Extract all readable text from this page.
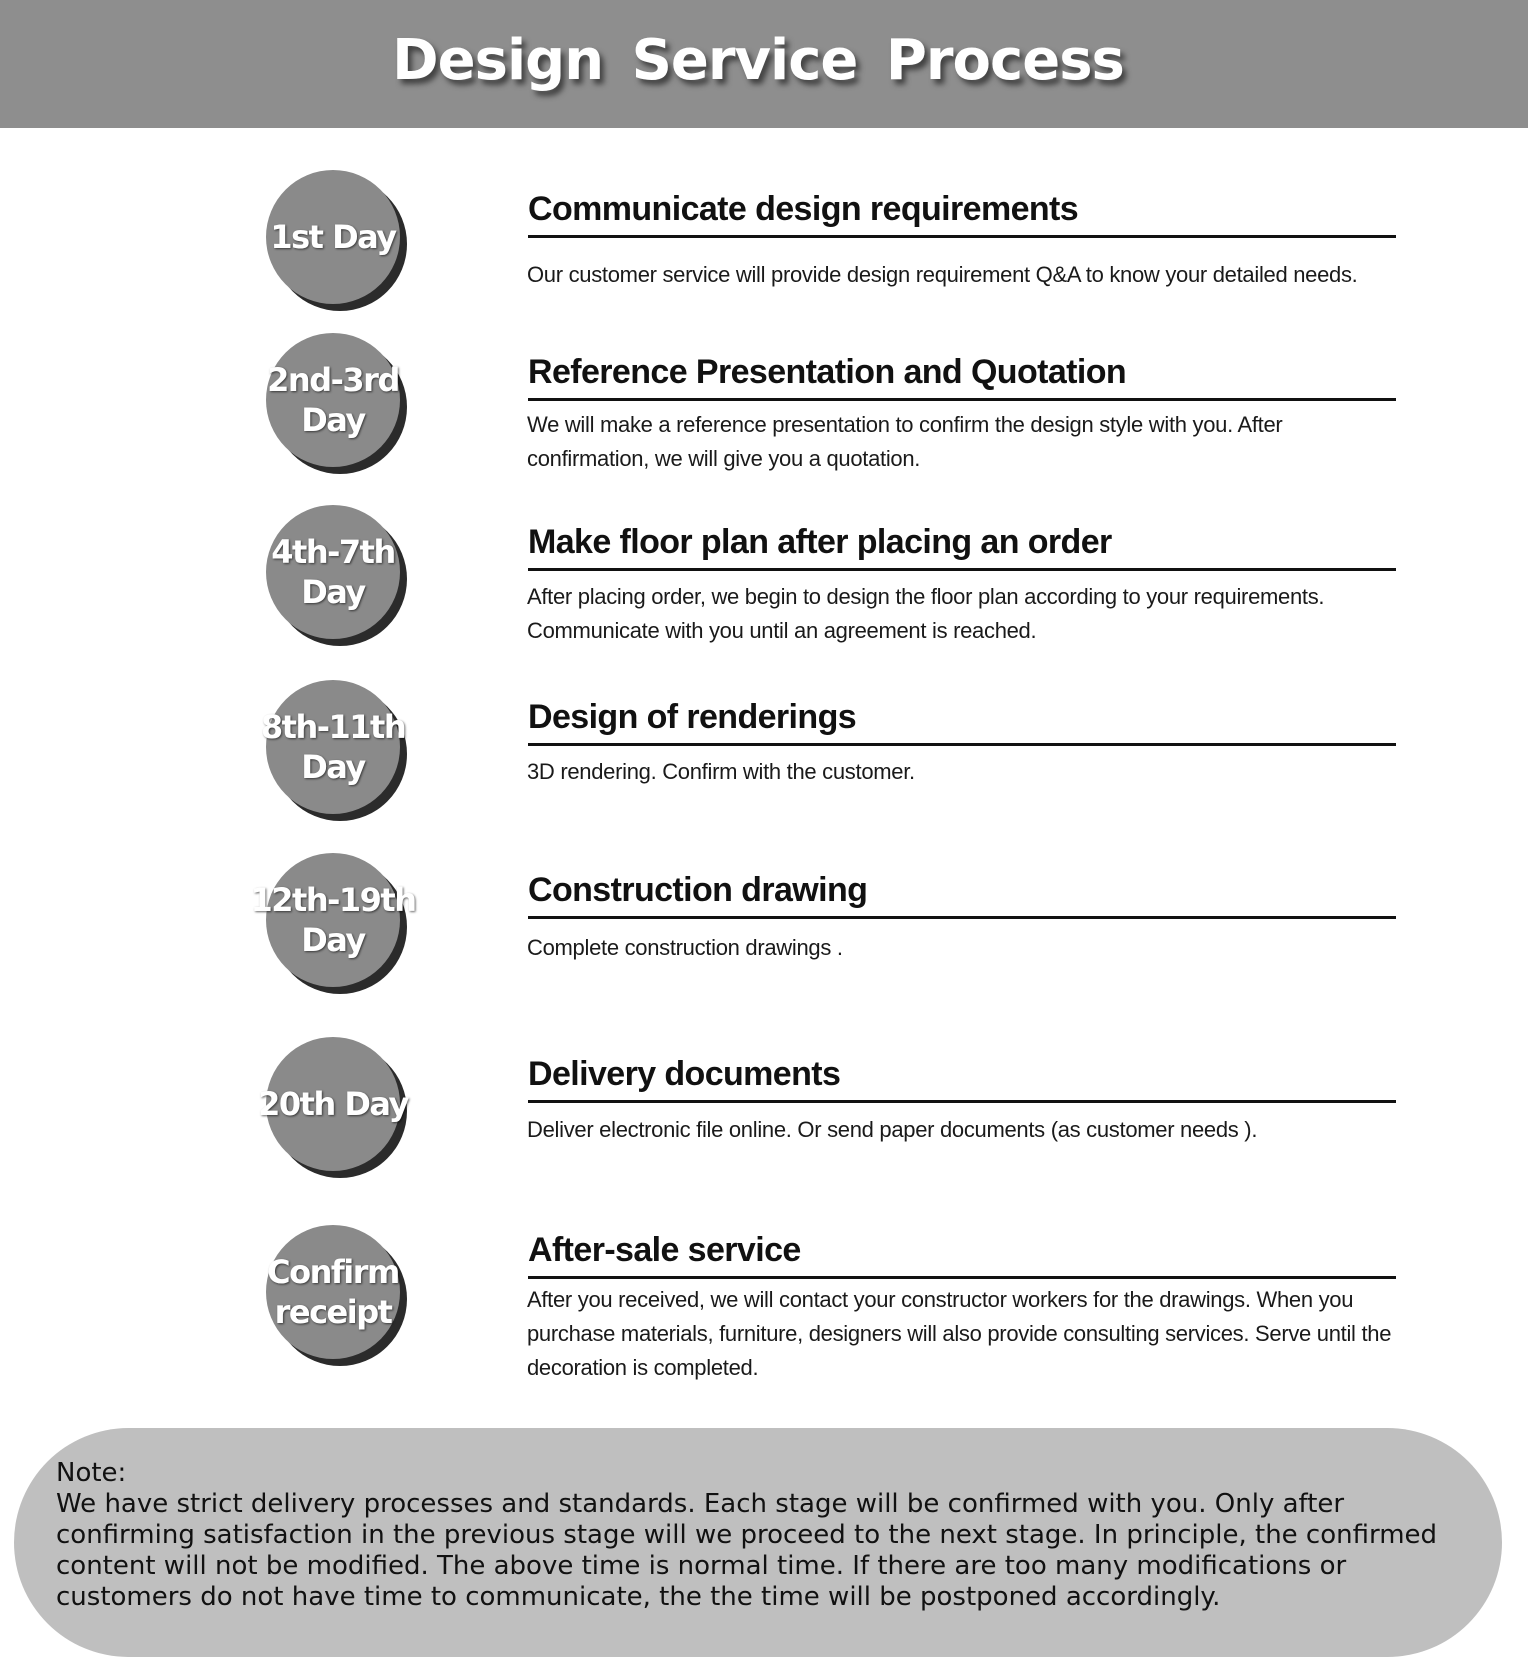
Design Service Process
1st Day
Communicate design requirements

Our customer service will provide design requirement Q&A to know your detailed needs.

2nd-3rd
Day
Reference Presentation and Quotation

We will make a reference presentation to confirm the design style with you. After confirmation, we will give you a quotation.

4th-7th
Day
Make floor plan after placing an order

After placing order, we begin to design the floor plan according to your requirements. Communicate with you until an agreement is reached.

8th-11th
Day
Design of renderings

3D rendering. Confirm with the customer.

12th-19th
Day
Construction drawing

Complete construction drawings .

20th Day
Delivery documents

Deliver electronic file online. Or send paper documents (as customer needs ).

Confirm
receipt
After-sale service

After you received, we will contact your constructor workers for the drawings. When you purchase materials, furniture, designers will also provide consulting services. Serve until the decoration is completed.

Note:
We have strict delivery processes and standards. Each stage will be confirmed with you. Only after confirming satisfaction in the previous stage will we proceed to the next stage. In principle, the confirmed content will not be modified. The above time is normal time. If there are too many modifications or customers do not have time to communicate, the the time will be postponed accordingly.
